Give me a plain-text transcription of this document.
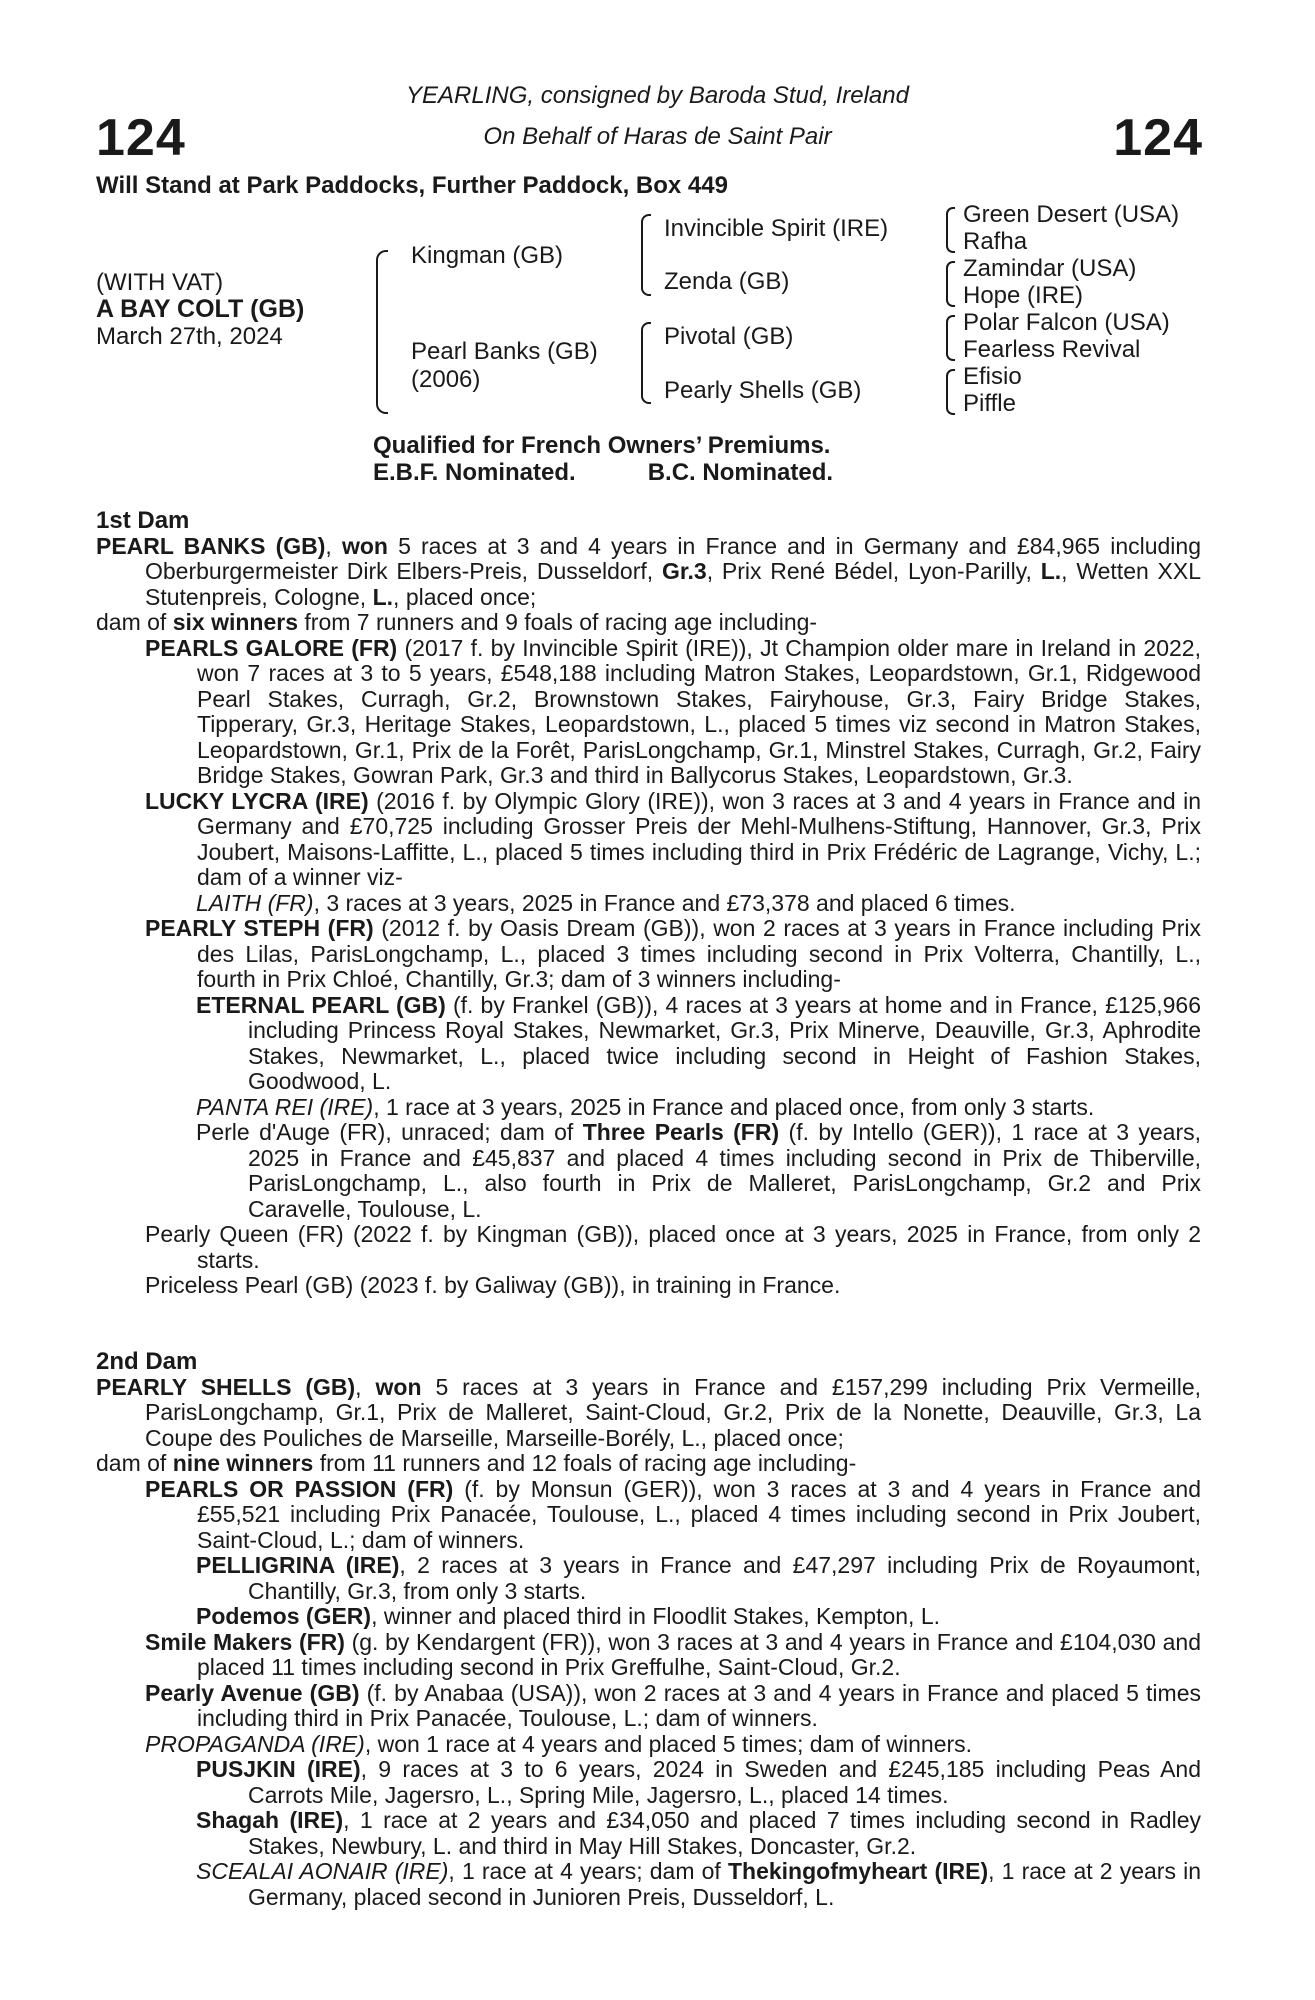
124	124
YEARLING, consigned by Baroda Stud, Ireland
On Behalf of Haras de Saint Pair
Will Stand at Park Paddocks, Further Paddock, Box 449
(WITH VAT)
A BAY COLT (GB)
March 27th, 2024
Kingman (GB)
Pearl Banks (GB)
(2006)
Invincible Spirit (IRE)
Zenda (GB)
Pivotal (GB)
Pearly Shells (GB)
Green Desert (USA)
Rafha
Zamindar (USA)
Hope (IRE)
Polar Falcon (USA)
Fearless Revival
Efisio
Piffle
Qualified for French Owners’ Premiums.
E.B.F. Nominated.	B.C. Nominated.
1st Dam
PEARL BANKS (GB), won 5 races at 3 and 4 years in France and in Germany and £84,965 including Oberburgermeister Dirk Elbers-Preis, Dusseldorf, Gr.3, Prix René Bédel, Lyon-Parilly, L., Wetten XXL Stutenpreis, Cologne, L., placed once;
dam of six winners from 7 runners and 9 foals of racing age including-
PEARLS GALORE (FR) (2017 f. by Invincible Spirit (IRE)), Jt Champion older mare in Ireland in 2022, won 7 races at 3 to 5 years, £548,188 including Matron Stakes, Leopardstown, Gr.1, Ridgewood Pearl Stakes, Curragh, Gr.2, Brownstown Stakes, Fairyhouse, Gr.3, Fairy Bridge Stakes, Tipperary, Gr.3, Heritage Stakes, Leopardstown, L., placed 5 times viz second in Matron Stakes, Leopardstown, Gr.1, Prix de la Forêt, ParisLongchamp, Gr.1, Minstrel Stakes, Curragh, Gr.2, Fairy Bridge Stakes, Gowran Park, Gr.3 and third in Ballycorus Stakes, Leopardstown, Gr.3.
LUCKY LYCRA (IRE) (2016 f. by Olympic Glory (IRE)), won 3 races at 3 and 4 years in France and in Germany and £70,725 including Grosser Preis der Mehl-Mulhens-Stiftung, Hannover, Gr.3, Prix Joubert, Maisons-Laffitte, L., placed 5 times including third in Prix Frédéric de Lagrange, Vichy, L.; dam of a winner viz-
LAITH (FR), 3 races at 3 years, 2025 in France and £73,378 and placed 6 times.
PEARLY STEPH (FR) (2012 f. by Oasis Dream (GB)), won 2 races at 3 years in France including Prix des Lilas, ParisLongchamp, L., placed 3 times including second in Prix Volterra, Chantilly, L., fourth in Prix Chloé, Chantilly, Gr.3; dam of 3 winners including-
ETERNAL PEARL (GB) (f. by Frankel (GB)), 4 races at 3 years at home and in France, £125,966 including Princess Royal Stakes, Newmarket, Gr.3, Prix Minerve, Deauville, Gr.3, Aphrodite Stakes, Newmarket, L., placed twice including second in Height of Fashion Stakes, Goodwood, L.
PANTA REI (IRE), 1 race at 3 years, 2025 in France and placed once, from only 3 starts.
Perle d'Auge (FR), unraced; dam of Three Pearls (FR) (f. by Intello (GER)), 1 race at 3 years, 2025 in France and £45,837 and placed 4 times including second in Prix de Thiberville, ParisLongchamp, L., also fourth in Prix de Malleret, ParisLongchamp, Gr.2 and Prix Caravelle, Toulouse, L.
Pearly Queen (FR) (2022 f. by Kingman (GB)), placed once at 3 years, 2025 in France, from only 2 starts.
Priceless Pearl (GB) (2023 f. by Galiway (GB)), in training in France.
2nd Dam
PEARLY SHELLS (GB), won 5 races at 3 years in France and £157,299 including Prix Vermeille, ParisLongchamp, Gr.1, Prix de Malleret, Saint-Cloud, Gr.2, Prix de la Nonette, Deauville, Gr.3, La Coupe des Pouliches de Marseille, Marseille-Borély, L., placed once;
dam of nine winners from 11 runners and 12 foals of racing age including-
PEARLS OR PASSION (FR) (f. by Monsun (GER)), won 3 races at 3 and 4 years in France and £55,521 including Prix Panacée, Toulouse, L., placed 4 times including second in Prix Joubert, Saint-Cloud, L.; dam of winners.
PELLIGRINA (IRE), 2 races at 3 years in France and £47,297 including Prix de Royaumont, Chantilly, Gr.3, from only 3 starts.
Podemos (GER), winner and placed third in Floodlit Stakes, Kempton, L.
Smile Makers (FR) (g. by Kendargent (FR)), won 3 races at 3 and 4 years in France and £104,030 and placed 11 times including second in Prix Greffulhe, Saint-Cloud, Gr.2.
Pearly Avenue (GB) (f. by Anabaa (USA)), won 2 races at 3 and 4 years in France and placed 5 times including third in Prix Panacée, Toulouse, L.; dam of winners.
PROPAGANDA (IRE), won 1 race at 4 years and placed 5 times; dam of winners.
PUSJKIN (IRE), 9 races at 3 to 6 years, 2024 in Sweden and £245,185 including Peas And Carrots Mile, Jagersro, L., Spring Mile, Jagersro, L., placed 14 times.
Shagah (IRE), 1 race at 2 years and £34,050 and placed 7 times including second in Radley Stakes, Newbury, L. and third in May Hill Stakes, Doncaster, Gr.2.
SCEALAI AONAIR (IRE), 1 race at 4 years; dam of Thekingofmyheart (IRE), 1 race at 2 years in Germany, placed second in Junioren Preis, Dusseldorf, L.
